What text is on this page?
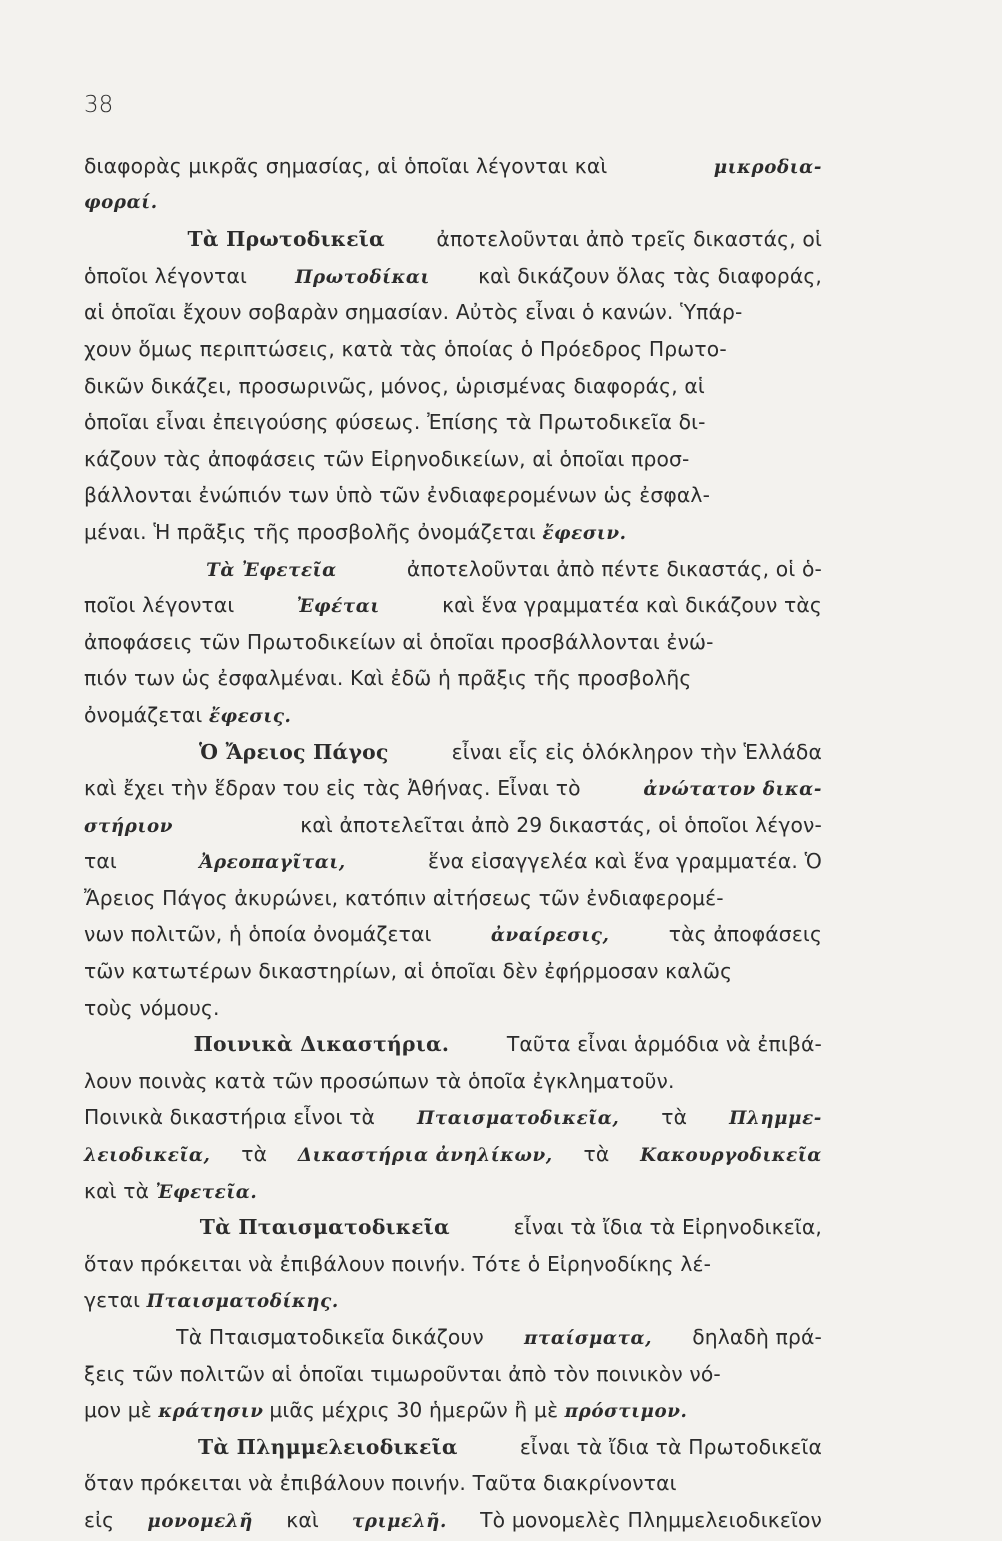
38
διαφορὰς μικρᾶς σημασίας, αἱ ὁποῖαι λέγονται καὶ	μικροδια-
φοραί.
Τὰ Πρωτοδικεῖα	ἀποτελοῦνται ἀπὸ τρεῖς δικαστάς, οἱ
ὁποῖοι λέγονται	Πρωτοδίκαι καὶ δικάζουν ὅλας τὰς διαφοράς,
αἱ ὁποῖαι ἔχουν σοβαρὰν σημασίαν. Αὐτὸς εἶναι ὁ κανών. Ὑπάρ-
χουν ὅμως περιπτώσεις, κατὰ τὰς ὁποίας ὁ Πρόεδρος Πρωτο-
δικῶν δικάζει, προσωρινῶς, μόνος, ὡρισμένας διαφοράς, αἱ
ὁποῖαι εἶναι ἐπειγούσης φύσεως. Ἐπίσης τὰ Πρωτοδικεῖα δι-
κάζουν τὰς ἀποφάσεις τῶν Εἰρηνοδικείων, αἱ ὁποῖαι προσ-
βάλλονται ἐνώπιόν των ὑπὸ τῶν ἐνδιαφερομένων ὡς ἐσφαλ-
μέναι. Ἡ πρᾶξις τῆς προσβολῆς ὀνομάζεται ἔφεσιν.
Τὰ Ἐφετεῖα	ἀποτελοῦνται ἀπὸ πέντε δικαστάς, οἱ ὁ-
ποῖοι λέγονται	Ἐφέται	καὶ ἕνα γραμματέα καὶ δικάζουν τὰς
ἀποφάσεις τῶν Πρωτοδικείων αἱ ὁποῖαι προσβάλλονται ἐνώ-
πιόν των ὡς ἐσφαλμέναι. Καὶ ἐδῶ ἡ πρᾶξις τῆς προσβολῆς
ὀνομάζεται ἔφεσις.
Ὁ Ἄρειος Πάγος	εἶναι εἷς εἰς ὁλόκληρον τὴν Ἑλλάδα
καὶ ἔχει τὴν ἕδραν του εἰς τὰς Ἀθήνας. Εἶναι τὸ	ἀνώτατον δικα-
στήριον	καὶ ἀποτελεῖται ἀπὸ 29 δικαστάς, οἱ ὁποῖοι λέγον-
ται	Ἀρεοπαγῖται,	ἕνα εἰσαγγελέα καὶ ἕνα γραμματέα. Ὁ
Ἄρειος Πάγος ἀκυρώνει, κατόπιν αἰτήσεως τῶν ἐνδιαφερομέ-
νων πολιτῶν, ἡ ὁποία ὀνομάζεται	ἀναίρεσις,	τὰς ἀποφάσεις
τῶν κατωτέρων δικαστηρίων, αἱ ὁποῖαι δὲν ἐφήρμοσαν καλῶς
τοὺς νόμους.
Ποινικὰ Δικαστήρια.	Ταῦτα εἶναι ἁρμόδια νὰ ἐπιβά-
λουν ποινὰς κατὰ τῶν προσώπων τὰ ὁποῖα ἐγκληματοῦν.
Ποινικὰ δικαστήρια εἶνοι τὰ Πταισματοδικεῖα, τὰ Πλημμε-
λειοδικεῖα, τὰ Δικαστήρια ἀνηλίκων, τὰ Κακουργοδικεῖα
καὶ τὰ Ἐφετεῖα.
Τὰ Πταισματοδικεῖα	εἶναι τὰ ἴδια τὰ Εἰρηνοδικεῖα,
ὅταν πρόκειται νὰ ἐπιβάλουν ποινήν. Τότε ὁ Εἰρηνοδίκης λέ-
γεται Πταισματοδίκης.
Τὰ Πταισματοδικεῖα δικάζουν πταίσματα, δηλαδὴ πρά-
ξεις τῶν πολιτῶν αἱ ὁποῖαι τιμωροῦνται ἀπὸ τὸν ποινικὸν νό-
μον μὲ κράτησιν μιᾶς μέχρις 30 ἡμερῶν ἢ μὲ πρόστιμον.
Τὰ Πλημμελειοδικεῖα	εἶναι τὰ ἴδια τὰ Πρωτοδικεῖα
ὅταν πρόκειται νὰ ἐπιβάλουν ποινήν. Ταῦτα διακρίνονται
εἰς μονομελῆ καὶ τριμελῆ. Τὸ μονομελὲς Πλημμελειοδικεῖον
